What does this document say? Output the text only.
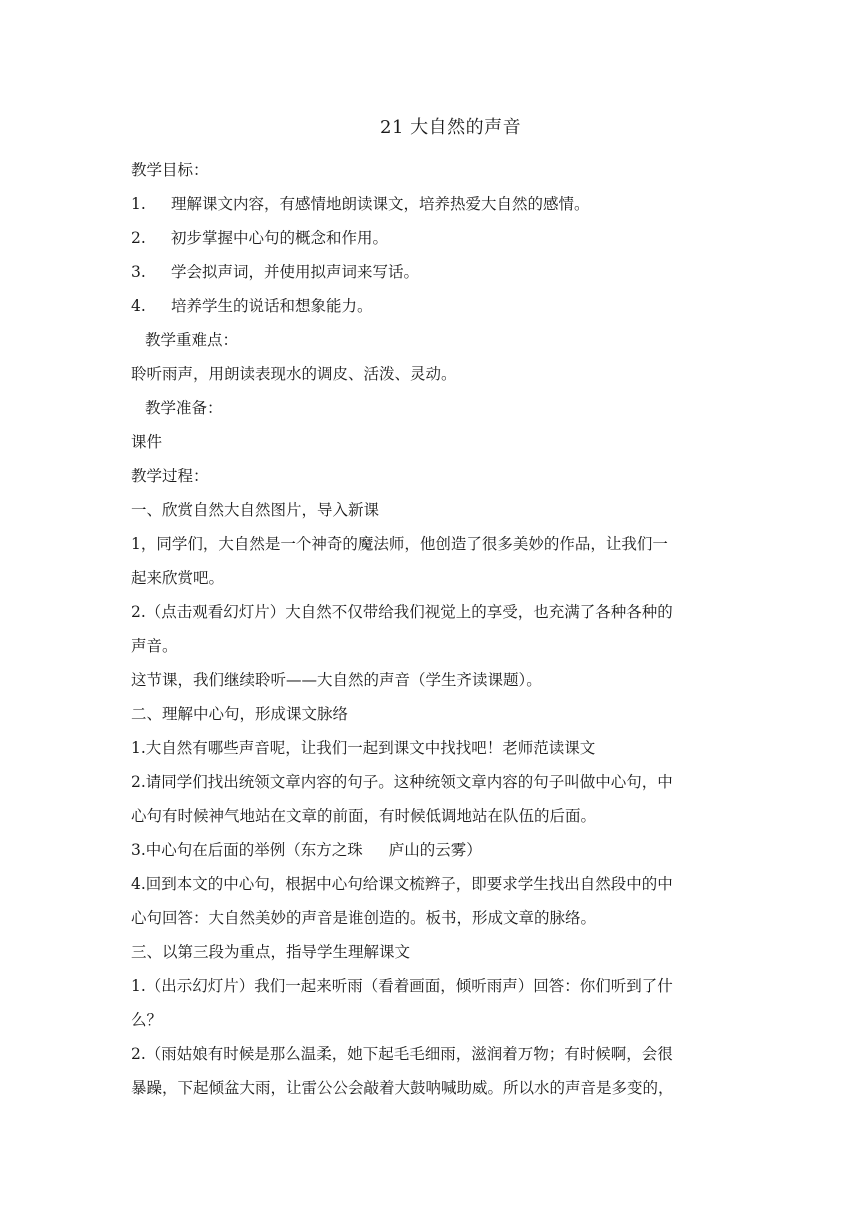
21 大自然的声音
教学目标：
1. 理解课文内容，有感情地朗读课文，培养热爱大自然的感情。
2. 初步掌握中心句的概念和作用。
3. 学会拟声词，并使用拟声词来写话。
4. 培养学生的说话和想象能力。
教学重难点：
聆听雨声，用朗读表现水的调皮、活泼、灵动。
教学准备：
课件
教学过程：
一、欣赏自然大自然图片，导入新课
1，同学们，大自然是一个神奇的魔法师，他创造了很多美妙的作品，让我们一
起来欣赏吧。
2.（点击观看幻灯片）大自然不仅带给我们视觉上的享受，也充满了各种各种的
声音。
这节课，我们继续聆听——大自然的声音（学生齐读课题）。
二、理解中心句，形成课文脉络
1.大自然有哪些声音呢，让我们一起到课文中找找吧！老师范读课文
2.请同学们找出统领文章内容的句子。这种统领文章内容的句子叫做中心句，中
心句有时候神气地站在文章的前面，有时候低调地站在队伍的后面。
3.中心句在后面的举例（东方之珠 庐山的云雾）
4.回到本文的中心句，根据中心句给课文梳辫子，即要求学生找出自然段中的中
心句回答：大自然美妙的声音是谁创造的。板书，形成文章的脉络。
三、以第三段为重点，指导学生理解课文
1.（出示幻灯片）我们一起来听雨（看着画面，倾听雨声）回答：你们听到了什
么？
2.（雨姑娘有时候是那么温柔，她下起毛毛细雨，滋润着万物；有时候啊，会很
暴躁，下起倾盆大雨，让雷公公会敲着大鼓呐喊助威。所以水的声音是多变的，
